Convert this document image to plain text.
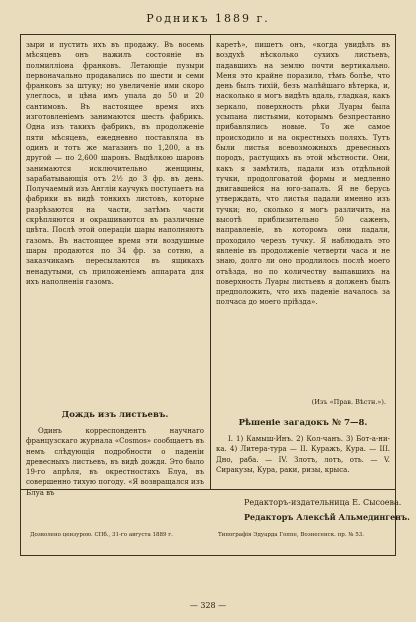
Родникъ 1889 г.

зыри и пустить ихъ въ продажу. Въ восемь мѣсяцевъ онъ нажилъ состояніе въ полмилліона франковъ. Летающіе пузыри первоначально продавались по шести и семи франковъ за штуку; но увеличеніе ими скоро улеглось, и цѣна имъ упала до 50 и 20 сантимовъ. Въ настоящее время ихъ изготовленіемъ занимаются шесть фабрикъ. Одна изъ такихъ фабрикъ, въ продолженіе пяти мѣсяцевъ, ежедневно поставляла въ одинъ и тотъ же магазинъ по 1,200, а въ другой — по 2,600 шаровъ. Выдѣлкою шаровъ занимаются исключительно женщины, зарабатывающія отъ 2½ до 3 фр. въ день. Получаемый изъ Англіи каучукъ поступаетъ на фабрики въ видѣ тонкихъ листовъ, которые разрѣзаются на части, затѣмъ части скрѣпляются и окрашиваются въ различные цвѣта. Послѣ этой операціи шары наполняютъ газомъ. Въ настоящее время эти воздушные шары продаются по 34 фр. за сотню, а заказчикамъ пересылаются въ ящикахъ ненадутыми, съ приложеніемъ аппарата для ихъ наполненія газомъ.

Дождь изъ листьевъ.

Одинъ корреспондентъ научнаго французскаго журнала «Cosmos» сообщаетъ въ немъ слѣдующія подробности о паденіи древесныхъ листьевъ, въ видѣ дождя. Это было 19-го апрѣля, въ окрестностяхъ Блуа, въ совершенно тихую погоду. «Я возвращался изъ Блуа въ

каретѣ», пишетъ онъ, «когда увидѣлъ въ воздухѣ нѣсколько сухихъ листьевъ, падавшихъ на землю почти вертикально. Меня это крайне поразило, тѣмъ болѣе, что день былъ тихій, безъ малѣйшаго вѣтерка, и, насколько я могъ видѣть вдаль, гладкая, какъ зеркало, поверхность рѣки Луары была усыпана листьями, которымъ безпрестанно прибавлялись новые. То же самое происходило и на окрестныхъ поляхъ. Тутъ были листья всевозможныхъ древесныхъ породъ, растущихъ въ этой мѣстности. Они, какъ я замѣтилъ, падали изъ отдѣльной тучки, продолговатой формы и медленно двигавшейся на юго-запалъ. Я не берусь утверждать, что листья падали именно изъ тучки; но, сколько я могъ различить, на высотѣ приблизительно 50 саженъ, направленіе, въ которомъ они падали, проходило черезъ тучку. Я наблюдалъ это явленіе въ продолженіе четверти часа и не знаю, долго ли оно продлилось послѣ моего отъѣзда, но по количеству выпавшихъ на поверхность Луары листьевъ я долженъ былъ предположить, что ихъ паденіе началось за полчаса до моего пріѣзда».

(Изъ «Прав. Вѣстн.»).
Рѣшеніе загадокъ № 7—8.

I. 1) Камыш-Инъ. 2) Кол-чанъ. 3) Бот-а-ни-ка. 4) Литера-тура — II. Куражъ, Кура. — III. Дно, раба. — IV. Злотъ, лотъ, оть. — V. Сиракузы, Кура, раки, ризы, крыса.

Редакторъ-издательница Е. Сысоева.
Редакторъ Алексѣй Альмедингенъ.
Дозволено цензурою. СПб., 31-го августа 1889 г.	Типографія Эдуарда Гоппе, Вознесенск. пр. № 53.
— 328 —
